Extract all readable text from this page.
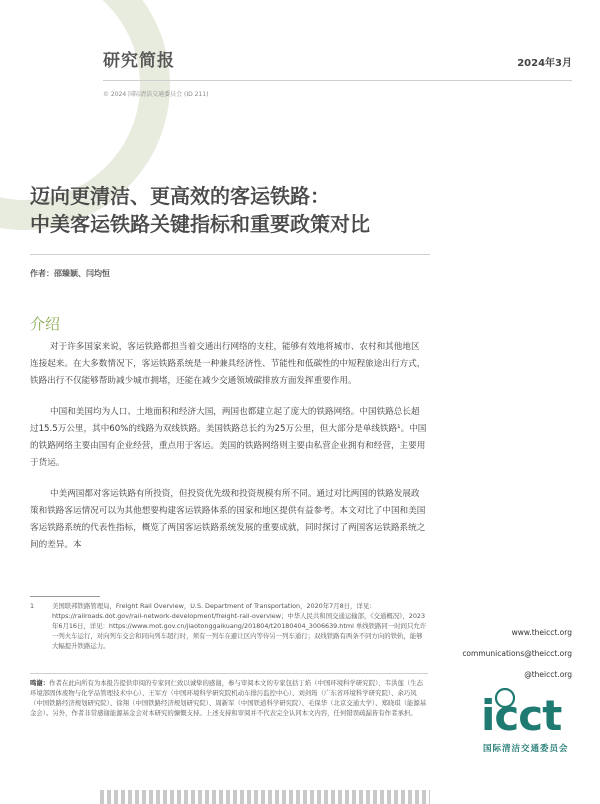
研究简报	2024年3月
© 2024 国际清洁交通委员会 (ID 211)
迈向更清洁、更高效的客运铁路：
中美客运铁路关键指标和重要政策对比
作者：邵臻颖、闫均恒
介绍

对于许多国家来说，客运铁路都担当着交通出行网络的支柱，能够有效地将城市、农村和其他地区连接起来。在大多数情况下，客运铁路系统是一种兼具经济性、节能性和低碳性的中短程旅途出行方式，铁路出行不仅能够帮助减少城市拥堵，还能在减少交通领域碳排放方面发挥重要作用。

中国和美国均为人口、土地面积和经济大国，两国也都建立起了庞大的铁路网络。中国铁路总长超过15.5万公里，其中60%的线路为双线铁路。美国铁路总长约为25万公里，但大部分是单线铁路¹。中国的铁路网络主要由国有企业经营，重点用于客运。美国的铁路网络则主要由私营企业拥有和经营，主要用于货运。

中美两国都对客运铁路有所投资，但投资优先级和投资规模有所不同。通过对比两国的铁路发展政策和铁路客运情况可以为其他想要构建客运铁路体系的国家和地区提供有益参考。本文对比了中国和美国客运铁路系统的代表性指标，概览了两国客运铁路系统发展的重要成就，同时探讨了两国客运铁路系统之间的差异。本

1	美国联邦铁路管理局，Freight Rail Overview，U.S. Department of Transportation，2020年7月8日，详见：https://railroads.dot.gov/rail-network-development/freight-rail-overview；中华人民共和国交通运输部，《交通概况》，2023年6月16日，详见：https://www.mot.gov.cn/jiaotonggaikuang/201804/t20180404_3006639.html 单线铁路同一时间只允许一列火车运行，对向列车交会和同向列车超行时，须有一列车在避让区内等待另一列车通行；双线铁路有两条不同方向的铁轨，能够大幅提升铁路运力。
鸣谢：作者在此向所有为本报告提供审阅的专家同仁致以诚挚的感谢，参与审阅本文的专家包括丁焰（中国环境科学研究院）、韦洪莲（生态环境部固体废物与化学品管理技术中心）、王军方（中国环境科学研究院机动车排污监控中心）、刘剑筠（广东省环境科学研究院）、余巧凤（中国铁路经济规划研究院）、徐翔（中国铁路经济规划研究院）、周新军（中国铁道科学研究院）、毛保华（北京交通大学）、郑晓琪（能源基金会）。另外，作者非常感谢能源基金会对本研究的慷慨支持。上述支持和审阅并不代表完全认同本文内容，任何错误疏漏皆有作者承担。
www.theicct.org
communications@theicct.org
@theicct.org
icct
国际清洁交通委员会
